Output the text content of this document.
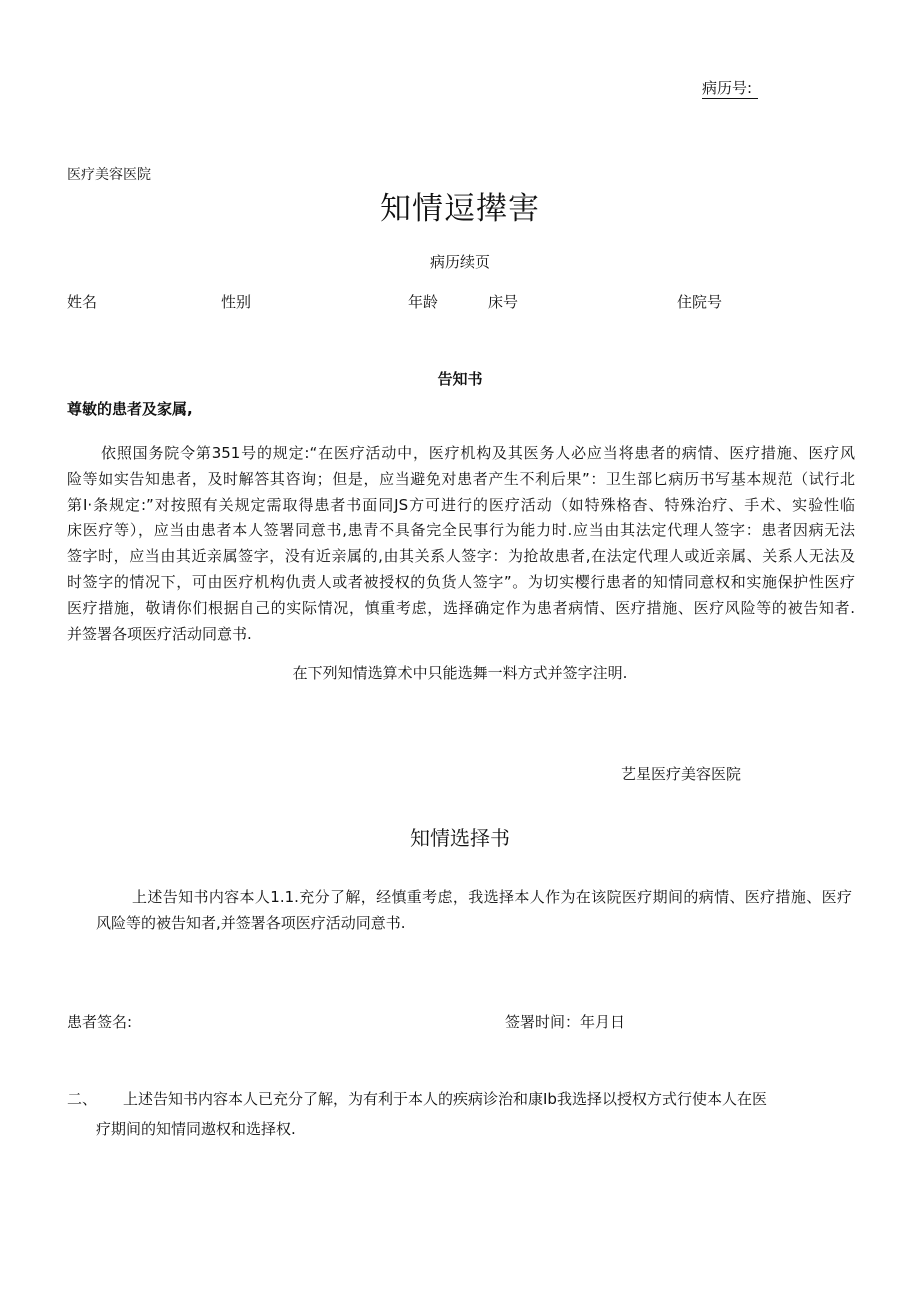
病历号:
医疗美容医院
知情逗撵害
病历续页
姓名	性别	年龄	床号	住院号
告知书
尊敏的患者及家属,
依照国务院令第351号的规定:“在医疗活动中，医疗机构及其医务人必应当将患者的病情、医疗措施、医疗风
险等如实告知患者，及时解答其咨询；但是，应当避免对患者产生不利后果”：卫生部匕病历书写基本规范（试行北
第I·条规定:”对按照有关规定需取得患者书面同JS方可进行的医疗活动（如特殊格杳、特殊治疗、手术、实验性临
床医疗等），应当由患者本人签署同意书,患青不具备完全民事行为能力时.应当由其法定代理人签字：患者因病无法
签字时，应当由其近亲属签字，没有近亲属的,由其关系人签字：为抢故患者,在法定代理人或近亲属、关系人无法及
时签字的情况下，可由医疗机构仇责人或者被授权的负货人签字”。为切实樱行患者的知情同意权和实施保护性医疗
医疗措施，敬请你们根据自己的实际情况，慎重考虑，选择确定作为患者病情、医疗措施、医疗风险等的被告知者.
并签署各项医疗活动同意书.
在下列知情选算术中只能选舞一料方式并签字注明.
艺星医疗美容医院
知情选择书
上述告知书内容本人1.1.充分了解，经慎重考虑，我选择本人作为在该院医疗期间的病情、医疗措施、医疗
风险等的被告知者,并签署各项医疗活动同意书.
患者签名:	签署时间：年月日
二、 上述告知书内容本人已充分了解，为有利于本人的疾病诊治和康Ib我选择以授权方式行使本人在医
疗期间的知情同遨权和选择权.
